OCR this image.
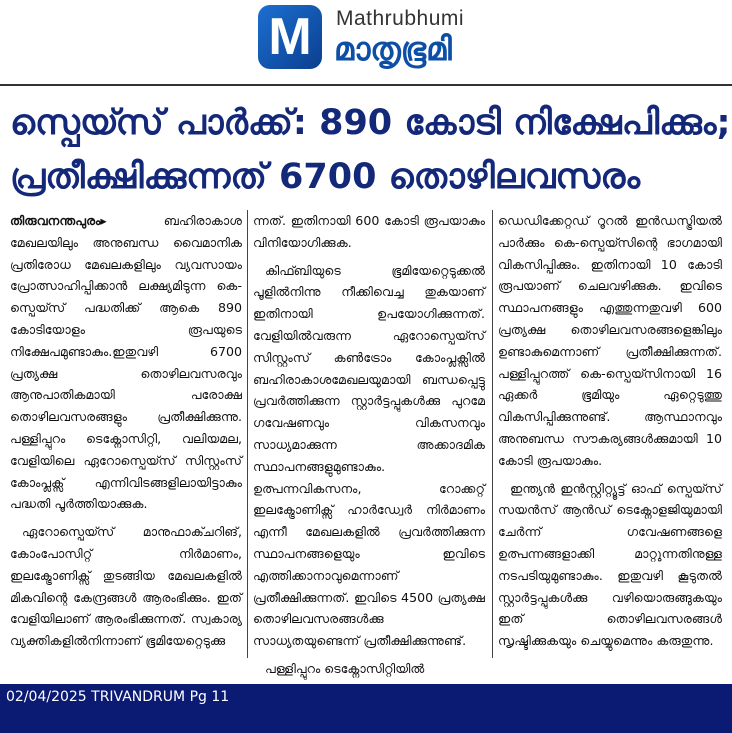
M	Mathrubhumi
മാതൃഭൂമി
സ്പെയ്സ് പാർക്ക്: 890 കോടി നിക്ഷേപിക്കും;
പ്രതീക്ഷിക്കുന്നത് 6700 തൊഴിലവസരം

തിരുവനന്തപുരം▸	ബഹിരാകാശ മേഖലയിലും അനുബന്ധ വൈമാനിക പ്രതിരോധ മേഖലകളിലും വ്യവസായം പ്രോത്സാഹിപ്പിക്കാൻ ലക്ഷ്യമിടുന്ന കെ-സ്പെയ്സ് പദ്ധതിക്ക് ആകെ 890 കോടിയോളം രൂപയുടെ നിക്ഷേപമുണ്ടാകും.ഇതുവഴി 6700 പ്രത്യക്ഷ തൊഴിലവസരവും ആനുപാതികമായി പരോക്ഷ തൊഴിലവസരങ്ങളും പ്രതീക്ഷിക്കുന്നു. പള്ളിപ്പുറം ടെക്നോസിറ്റി, വലിയമല, വേളിയിലെ ഏറോസ്പെയ്സ് സിസ്റ്റംസ് കോംപ്ലക്സ് എന്നിവിടങ്ങളിലായിട്ടാകും പദ്ധതി പൂർത്തിയാക്കുക.

ഏറോസ്പെയ്സ് മാനുഫാക്ചറിങ്, കോംപോസിറ്റ് നിർമാണം, ഇലക്ട്രോണിക്സ് തുടങ്ങിയ മേഖലകളിൽ മികവിന്റെ കേന്ദ്രങ്ങൾ ആരംഭിക്കും. ഇത് വേളിയിലാണ് ആരംഭിക്കുന്നത്. സ്വകാര്യ വ്യക്തികളിൽനിന്നാണ് ഭൂമിയേറ്റെടുക്കു

ന്നത്. ഇതിനായി 600 കോടി രൂപയാകും വിനിയോഗിക്കുക.

കിഫ്ബിയുടെ ഭൂമിയേറ്റെടുക്കൽ പൂളിൽനിന്നു നീക്കിവെച്ച തുകയാണ് ഇതിനായി ഉപയോഗിക്കുന്നത്. വേളിയിൽവരുന്ന ഏറോസ്പെയ്സ് സിസ്റ്റംസ് കൺട്രോം കോംപ്ലക്സിൽ ബഹിരാകാശമേഖലയുമായി ബന്ധപ്പെട്ടു പ്രവർത്തിക്കുന്ന സ്റ്റാർട്ടപ്പുകൾക്കു പുറമേ ഗവേഷണവും വികസനവും സാധ്യമാക്കുന്ന അക്കാദമിക സ്ഥാപനങ്ങളുമുണ്ടാകും. ഉത്പന്നവികസനം, റോക്കറ്റ് ഇലക്ട്രോണിക്സ് ഹാർഡ്വേർ നിർമാണം എന്നീ മേഖലകളിൽ പ്രവർത്തിക്കുന്ന സ്ഥാപനങ്ങളെയും ഇവിടെ എത്തിക്കാനാവുമെന്നാണ് പ്രതീക്ഷിക്കുന്നത്. ഇവിടെ 4500 പ്രത്യക്ഷ തൊഴിലവസരങ്ങൾക്കു സാധ്യതയുണ്ടെന്ന് പ്രതീക്ഷിക്കുന്നുണ്ട്.

പള്ളിപ്പുറം ടെക്നോസിറ്റിയിൽ

ഡെഡിക്കേറ്റഡ് റൂറൽ ഇൻഡസ്ട്രിയൽ പാർക്കും കെ-സ്പെയ്സിന്റെ ഭാഗമായി വികസിപ്പിക്കും. ഇതിനായി 10 കോടി രൂപയാണ് ചെലവഴിക്കുക. ഇവിടെ സ്ഥാപനങ്ങളും എത്തുന്നതുവഴി 600 പ്രത്യക്ഷ തൊഴിലവസരങ്ങളെങ്കിലും ഉണ്ടാകുമെന്നാണ് പ്രതീക്ഷിക്കുന്നത്. പള്ളിപ്പുറത്ത് കെ-സ്പെയ്സിനായി 16 ഏക്കർ ഭൂമിയും ഏറ്റെടുത്തു വികസിപ്പിക്കുന്നുണ്ട്. ആസ്ഥാനവും അനുബന്ധ സൗകര്യങ്ങൾക്കുമായി 10 കോടി രൂപയാകും.

ഇന്ത്യൻ ഇൻസ്റ്റിറ്റ്യൂട്ട് ഓഫ് സ്പെയ്സ് സയൻസ് ആൻഡ് ടെക്നോളജിയുമായി ചേർന്ന് ഗവേഷണങ്ങളെ ഉത്പന്നങ്ങളാക്കി മാറ്റുന്നതിനുള്ള നടപടിയുമുണ്ടാകും. ഇതുവഴി കൂടുതൽ സ്റ്റാർട്ടപ്പുകൾക്കു വഴിയൊരുങ്ങുകയും ഇത് തൊഴിലവസരങ്ങൾ സൃഷ്ടിക്കുകയും ചെയ്യുമെന്നും കരുതുന്നു.

02/04/2025 TRIVANDRUM Pg 11
